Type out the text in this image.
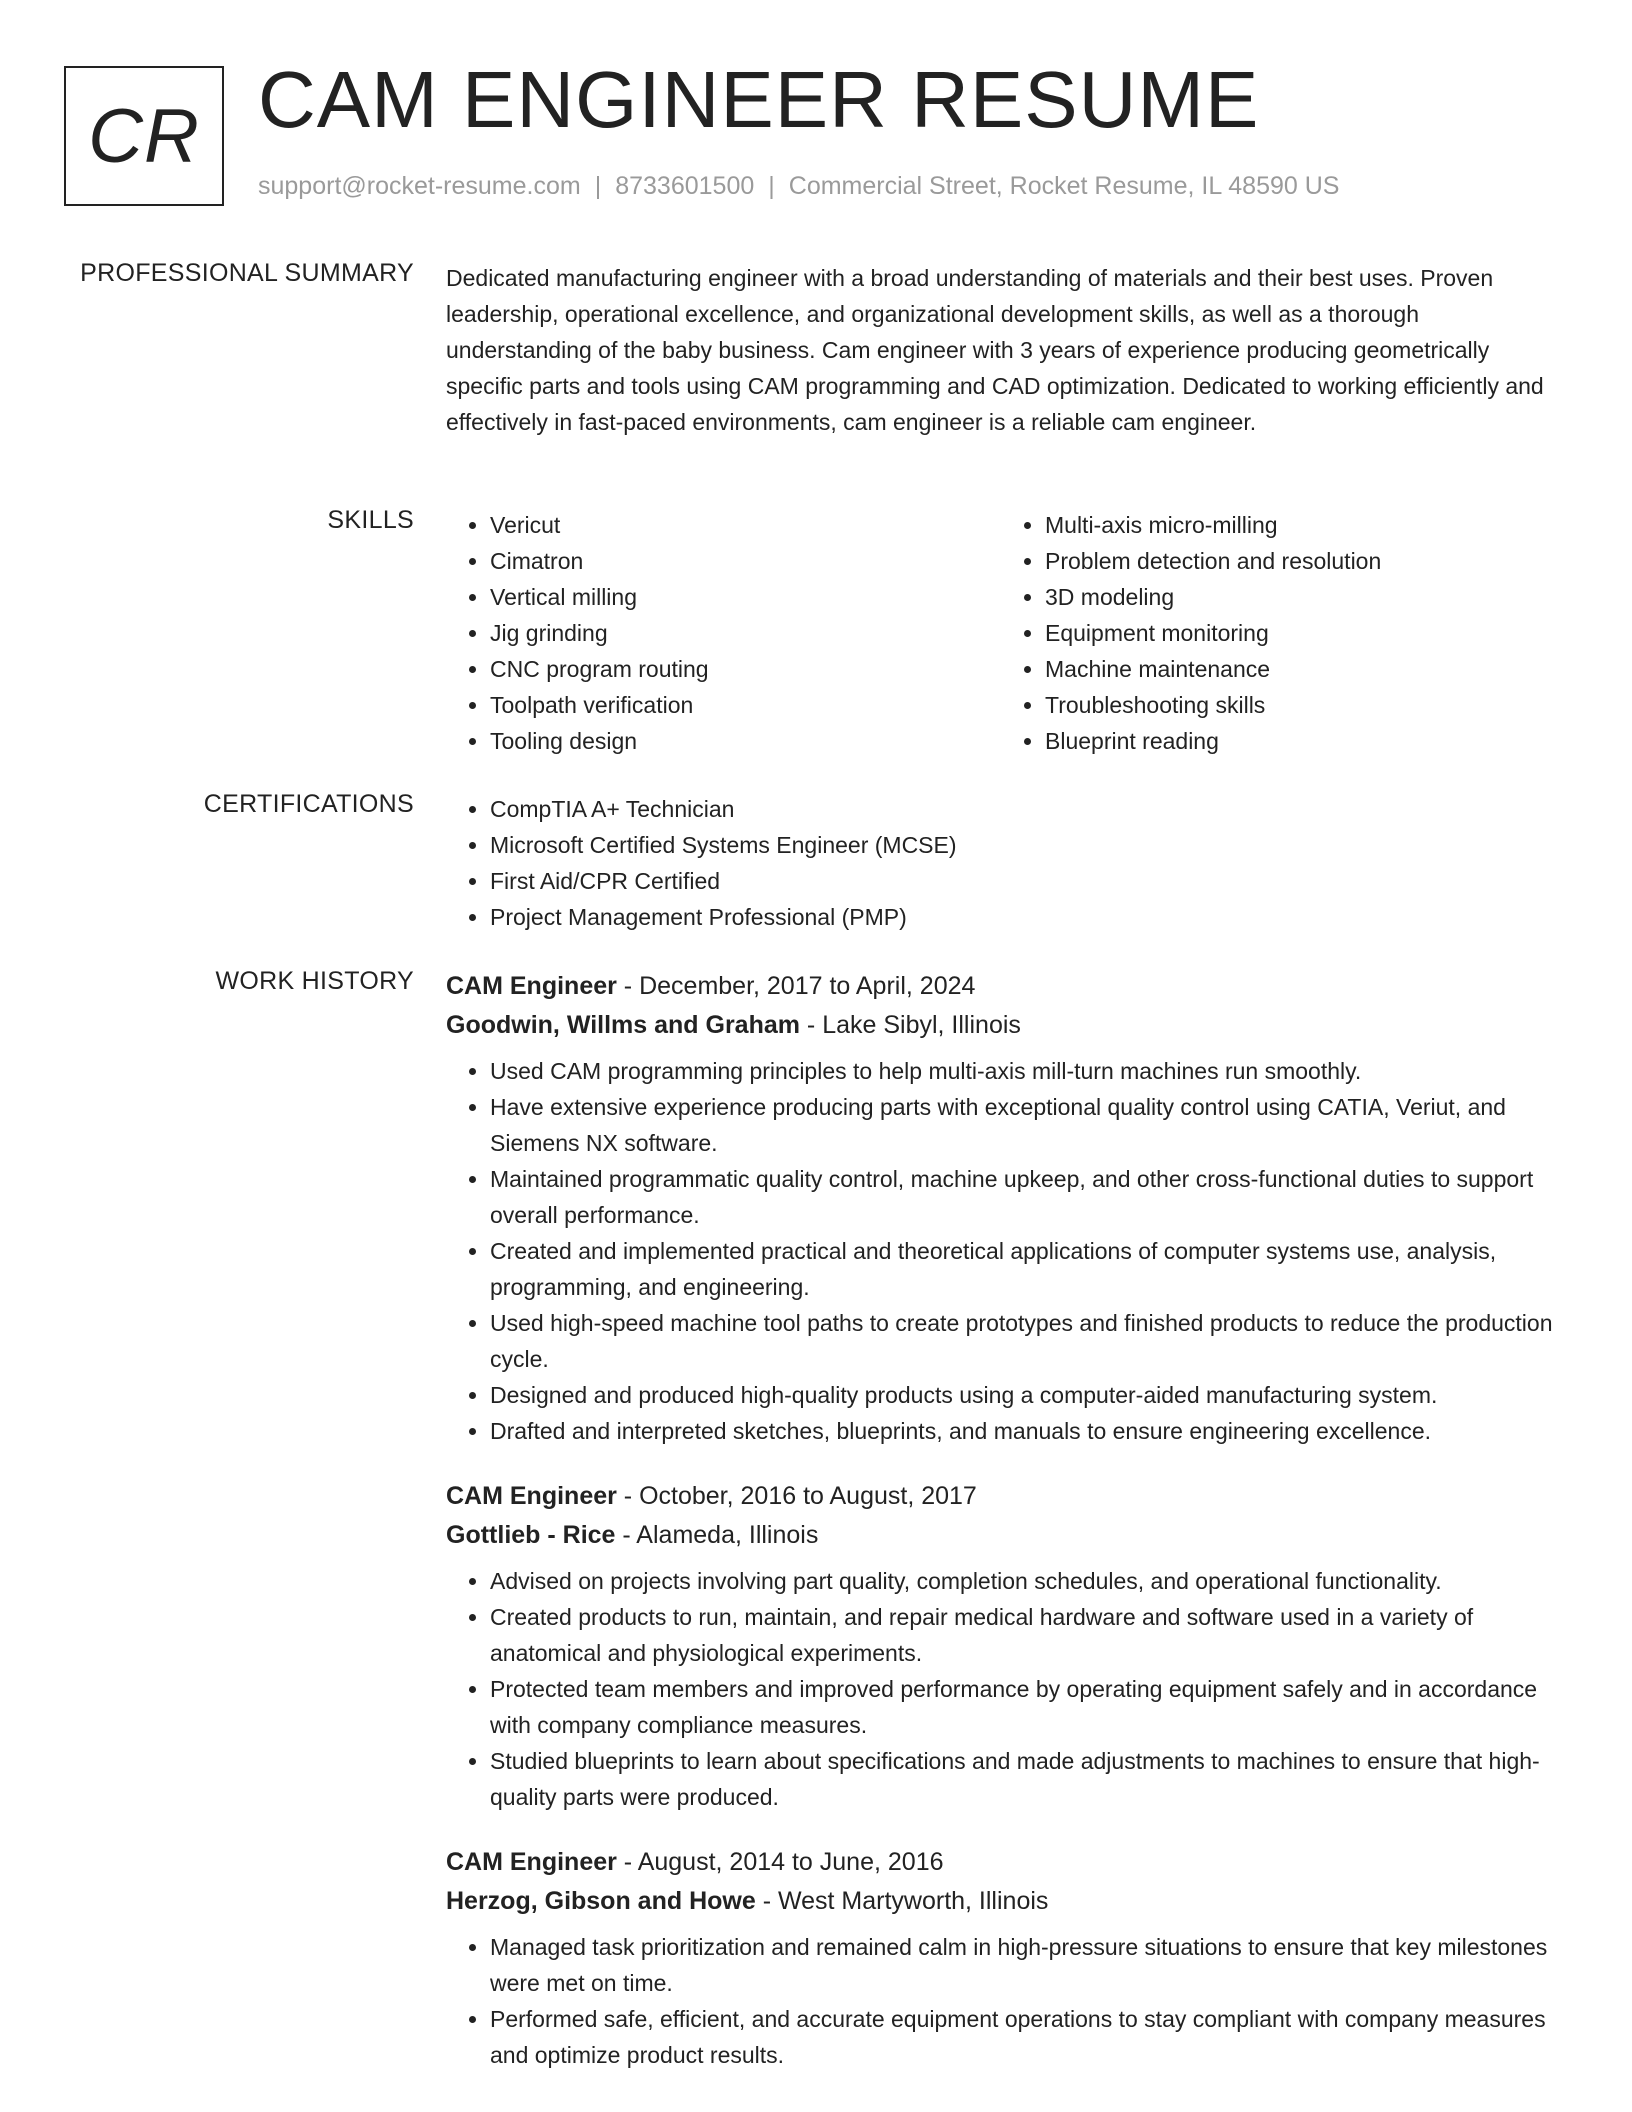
CR CAM ENGINEER RESUME
support@rocket-resume.com | 8733601500 | Commercial Street, Rocket Resume, IL 48590 US
PROFESSIONAL SUMMARY Dedicated manufacturing engineer with a broad understanding of materials and their best uses. Proven leadership, operational excellence, and organizational development skills, as well as a thorough understanding of the baby business. Cam engineer with 3 years of experience producing geometrically specific parts and tools using CAM programming and CAD optimization. Dedicated to working efficiently and effectively in fast-paced environments, cam engineer is a reliable cam engineer.

SKILLS	• Vericut
• Cimatron
• Vertical milling
• Jig grinding
• CNC program routing
• Toolpath verification
• Tooling design
• Multi-axis micro-milling
• Problem detection and resolution
• 3D modeling
• Equipment monitoring
• Machine maintenance
• Troubleshooting skills
• Blueprint reading
CERTIFICATIONS	• CompTIA A+ Technician
• Microsoft Certified Systems Engineer (MCSE)
• First Aid/CPR Certified
• Project Management Professional (PMP)
WORK HISTORY CAM Engineer - December, 2017 to April, 2024
Goodwin, Willms and Graham - Lake Sibyl, Illinois
• Used CAM programming principles to help multi-axis mill-turn machines run smoothly.
• Have extensive experience producing parts with exceptional quality control using CATIA, Veriut, and Siemens NX software.
• Maintained programmatic quality control, machine upkeep, and other cross-functional duties to support overall performance.
• Created and implemented practical and theoretical applications of computer systems use, analysis, programming, and engineering.
• Used high-speed machine tool paths to create prototypes and finished products to reduce the production cycle.
• Designed and produced high-quality products using a computer-aided manufacturing system.
• Drafted and interpreted sketches, blueprints, and manuals to ensure engineering excellence.
CAM Engineer - October, 2016 to August, 2017
Gottlieb - Rice - Alameda, Illinois
• Advised on projects involving part quality, completion schedules, and operational functionality.
• Created products to run, maintain, and repair medical hardware and software used in a variety of anatomical and physiological experiments.
• Protected team members and improved performance by operating equipment safely and in accordance with company compliance measures.
• Studied blueprints to learn about specifications and made adjustments to machines to ensure that high-quality parts were produced.
CAM Engineer - August, 2014 to June, 2016
Herzog, Gibson and Howe - West Martyworth, Illinois
• Managed task prioritization and remained calm in high-pressure situations to ensure that key milestones were met on time.
• Performed safe, efficient, and accurate equipment operations to stay compliant with company measures and optimize product results.
